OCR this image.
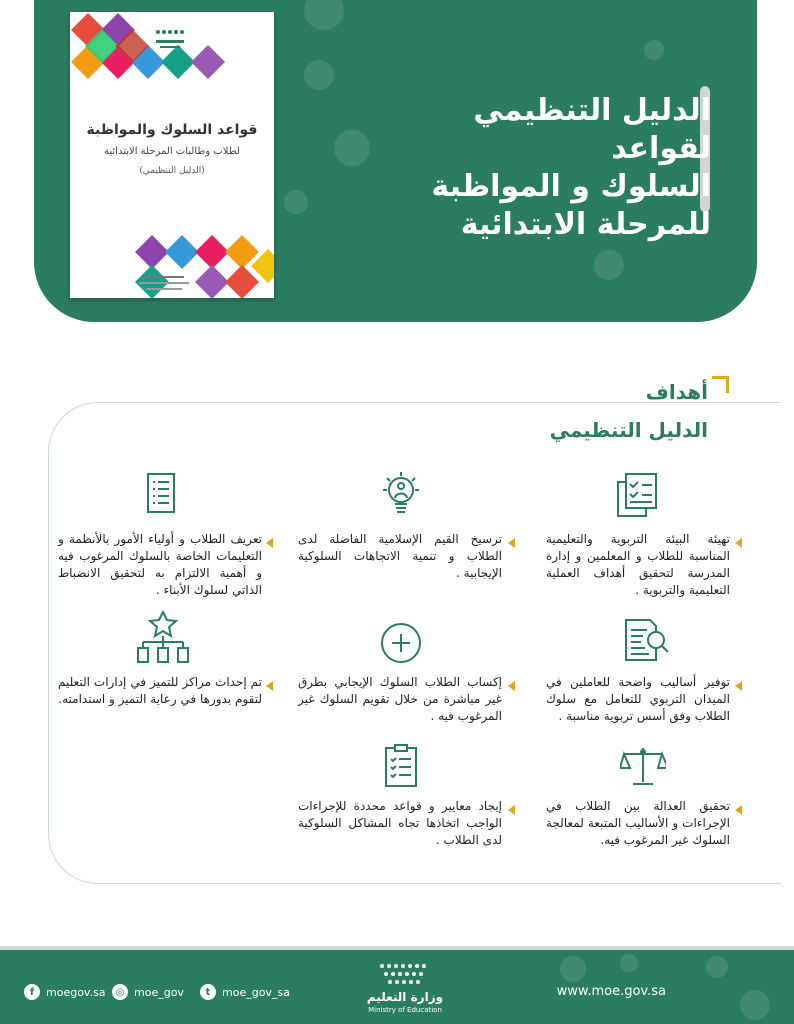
قواعد السلوك والمواظبة
لطلاب وطالبات المرحلة الابتدائية
(الدليل التنظيمي)
الدليل التنظيمي لقواعد
السلوك و المواظبة
للمرحلة الابتدائية
أهداف
الدليل التنظيمي
تهيئة البيئة التربوية والتعليمية المناسبة للطلاب و المعلمين و إدارة المدرسة لتحقيق أهداف العملية التعليمية والتربوية .
ترسيخ القيم الإسلامية الفاضلة لدى الطلاب و تنمية الاتجاهات السلوكية الإيجابية .
تعريف الطلاب و أولياء الأمور بالأنظمة و التعليمات الخاصة بالسلوك المرغوب فيه و أهمية الالتزام به لتحقيق الانضباط الذاتي لسلوك الأبناء .
توفير أساليب واضحة للعاملين في الميدان التربوي للتعامل مع سلوك الطلاب وفق أسس تربوية مناسبة .
إكساب الطلاب السلوك الإيجابي بطرق غير مباشرة من خلال تقويم السلوك غير المرغوب فيه .
تم إحداث مراكز للتميز في إدارات التعليم لتقوم بدورها في رعاية التميز و استدامته.
تحقيق العدالة بين الطلاب في الإجراءات و الأساليب المتبعة لمعالجة السلوك غير المرغوب فيه.
إيجاد معايير و قواعد محددة للإجراءات الواجب اتخاذها تجاه المشاكل السلوكية لدى الطلاب .
f	moegov.sa	◎ moe_gov	t	moe_gov_sa	وزارة التعليم
Ministry of Education
www.moe.gov.sa
